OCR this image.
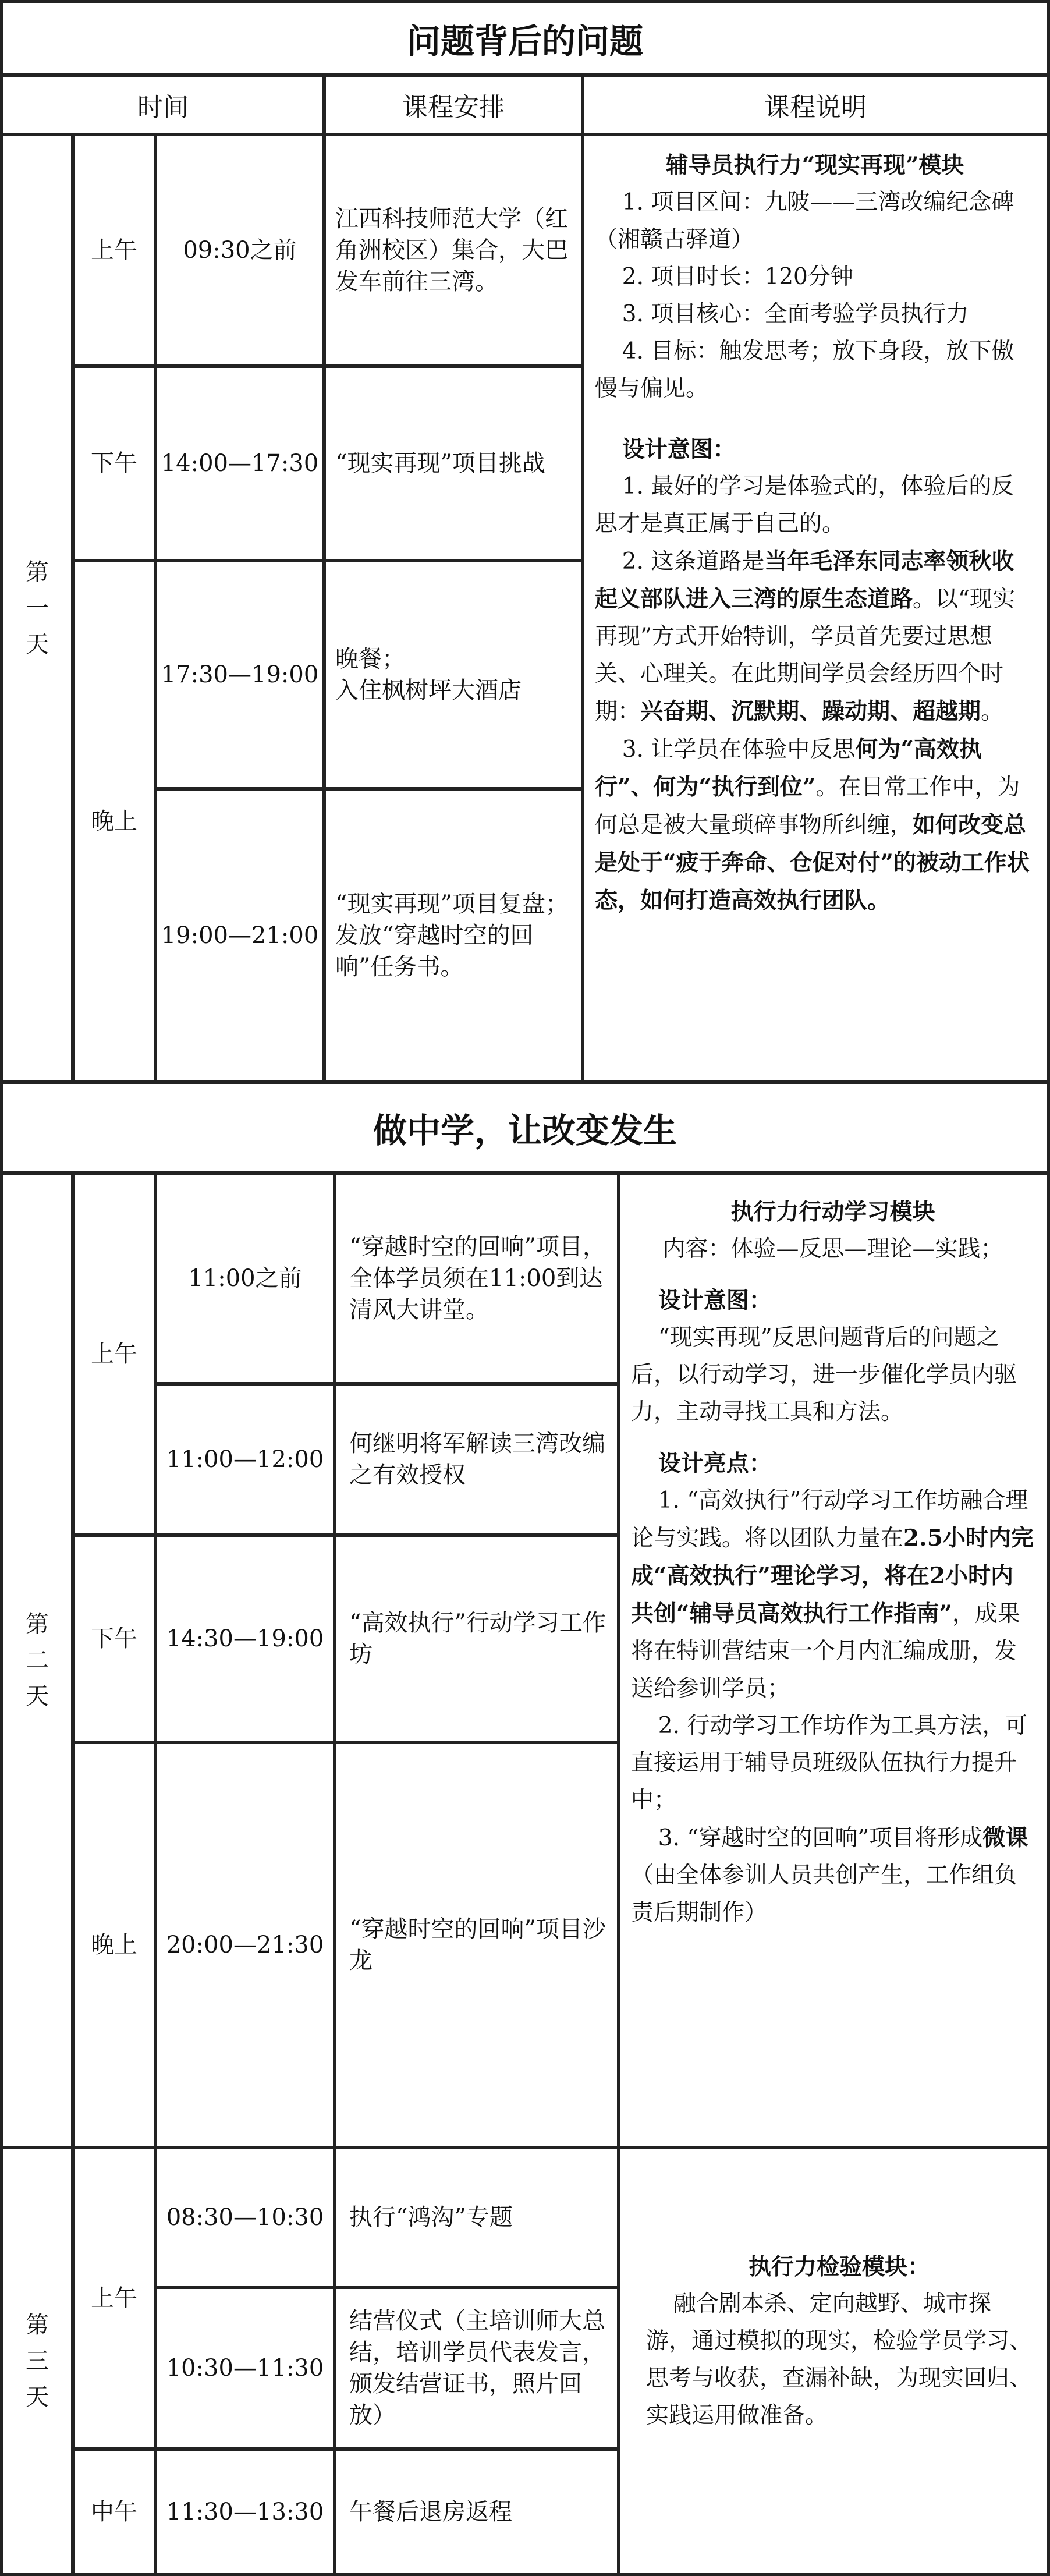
问题背后的问题
时间	课程安排	课程说明
第一天
上午
下午
晚上
09:30之前
14:00—17:30
17:30—19:00
19:00—21:00
江西科技师范大学（红角洲校区）集合，大巴发车前往三湾。
“现实再现”项目挑战
晚餐；
入住枫树坪大酒店
“现实再现”项目复盘；
发放“穿越时空的回响”任务书。

辅导员执行力“现实再现”模块

1. 项目区间：九陂——三湾改编纪念碑（湘赣古驿道）

2. 项目时长：120分钟

3. 项目核心：全面考验学员执行力

4. 目标：触发思考；放下身段，放下傲慢与偏见。

设计意图：

1. 最好的学习是体验式的，体验后的反思才是真正属于自己的。

2. 这条道路是当年毛泽东同志率领秋收起义部队进入三湾的原生态道路。以“现实再现”方式开始特训，学员首先要过思想关、心理关。在此期间学员会经历四个时期：兴奋期、沉默期、躁动期、超越期。

3. 让学员在体验中反思何为“高效执行”、何为“执行到位”。在日常工作中，为何总是被大量琐碎事物所纠缠，如何改变总是处于“疲于奔命、仓促对付”的被动工作状态，如何打造高效执行团队。

做中学，让改变发生
第二天
上午
下午
晚上
11:00之前
11:00—12:00
14:30—19:00
20:00—21:30
“穿越时空的回响”项目，全体学员须在11:00到达清风大讲堂。
何继明将军解读三湾改编之有效授权
“高效执行”行动学习工作坊
“穿越时空的回响”项目沙龙

执行力行动学习模块

内容：体验—反思—理论—实践；

设计意图：

“现实再现”反思问题背后的问题之后，以行动学习，进一步催化学员内驱力，主动寻找工具和方法。

设计亮点：

1. “高效执行”行动学习工作坊融合理论与实践。将以团队力量在2.5小时内完成“高效执行”理论学习，将在2小时内共创“辅导员高效执行工作指南”，成果将在特训营结束一个月内汇编成册，发送给参训学员；

2. 行动学习工作坊作为工具方法，可直接运用于辅导员班级队伍执行力提升中；

3. “穿越时空的回响”项目将形成微课（由全体参训人员共创产生，工作组负责后期制作）

第三天
上午
中午
08:30—10:30
10:30—11:30
11:30—13:30
执行“鸿沟”专题
结营仪式（主培训师大总结，培训学员代表发言，颁发结营证书，照片回放）
午餐后退房返程

执行力检验模块：

融合剧本杀、定向越野、城市探游，通过模拟的现实，检验学员学习、思考与收获，查漏补缺，为现实回归、实践运用做准备。
